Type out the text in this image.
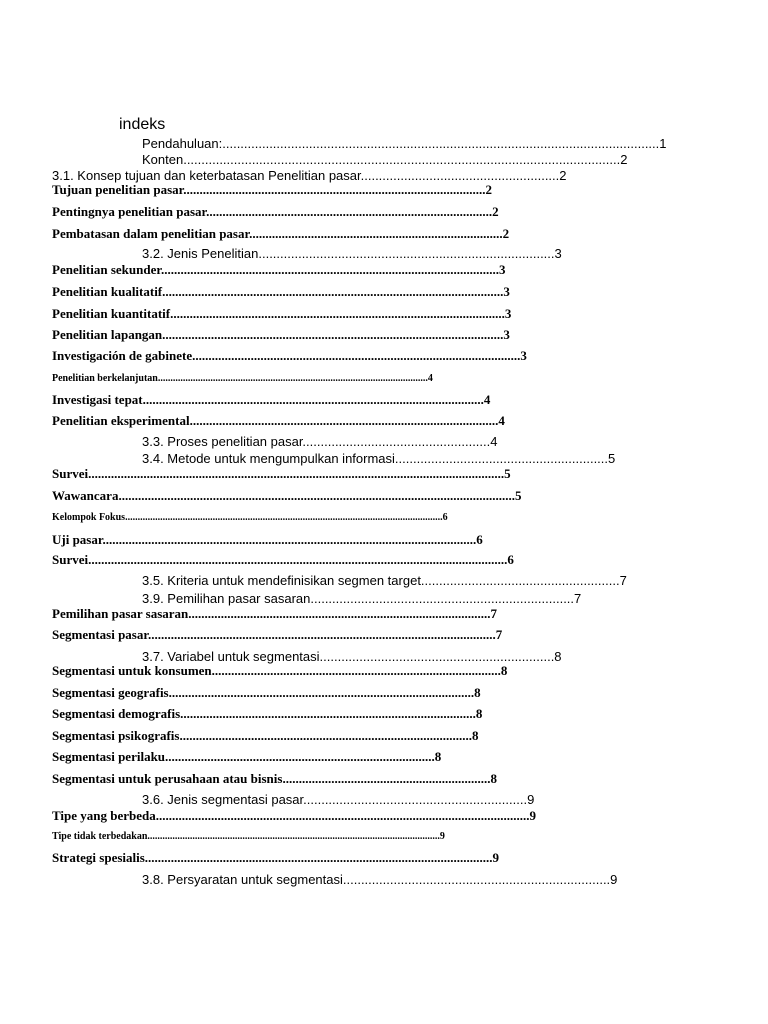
indeks
Pendahuluan:.........................................................................................................................1
Konten.........................................................................................................................2
3.1. Konsep tujuan dan keterbatasan Penelitian pasar.......................................................2
Tujuan penelitian pasar.............................................................................................2
Pentingnya penelitian pasar........................................................................................2
Pembatasan dalam penelitian pasar..............................................................................2
3.2. Jenis Penelitian..................................................................................3
Penelitian sekunder........................................................................................................3
Penelitian kualitatif.........................................................................................................3
Penelitian kuantitatif.......................................................................................................3
Penelitian lapangan.........................................................................................................3
Investigación de gabinete.....................................................................................................3
Penelitian berkelanjutan............................................................................................................4
Investigasi tepat.........................................................................................................4
Penelitian eksperimental...............................................................................................4
3.3. Proses penelitian pasar....................................................4
3.4. Metode untuk mengumpulkan informasi...........................................................5
Survei................................................................................................................................5
Wawancara..........................................................................................................................5
Kelompok Fokus...............................................................................................................................6
Uji pasar...................................................................................................................6
Survei.................................................................................................................................6
3.5. Kriteria untuk mendefinisikan segmen target.......................................................7
3.9. Pemilihan pasar sasaran.........................................................................7
Pemilihan pasar sasaran.............................................................................................7
Segmentasi pasar...........................................................................................................7
3.7. Variabel untuk segmentasi.................................................................8
Segmentasi untuk konsumen.........................................................................................8
Segmentasi geografis..............................................................................................8
Segmentasi demografis...........................................................................................8
Segmentasi psikografis..........................................................................................8
Segmentasi perilaku...................................................................................8
Segmentasi untuk perusahaan atau bisnis................................................................8
3.6. Jenis segmentasi pasar..............................................................9
Tipe yang berbeda...................................................................................................................9
Tipe tidak terbedakan.....................................................................................................................9
Strategi spesialis...........................................................................................................9
3.8. Persyaratan untuk segmentasi..........................................................................9
